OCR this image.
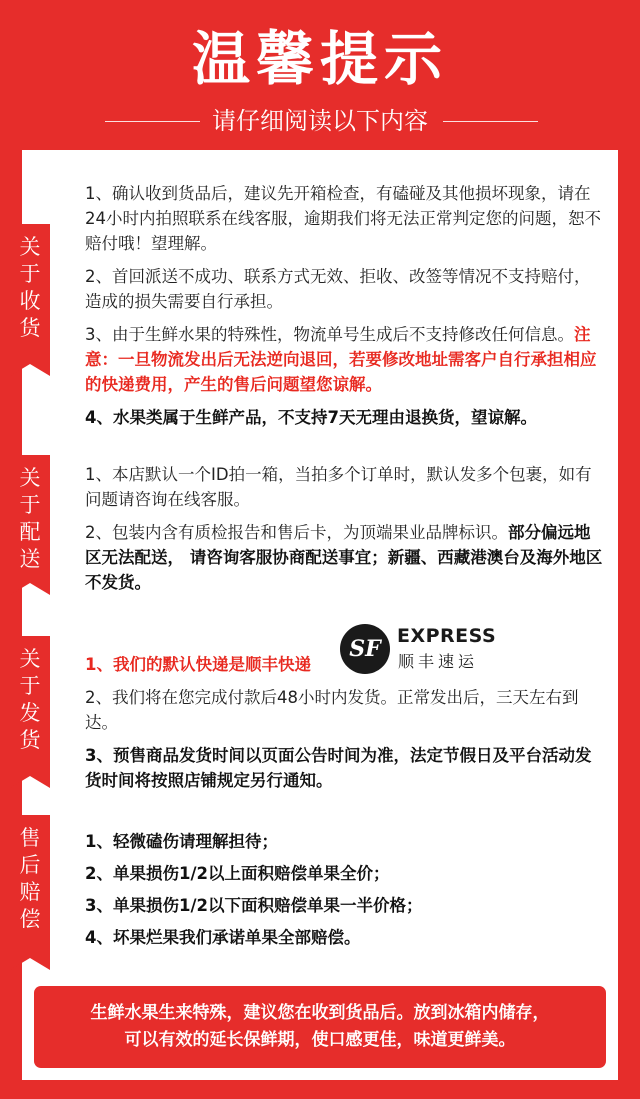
温馨提示
请仔细阅读以下内容
关
于
收
货
关
于
配
送
关
于
发
货
售
后
赔
偿

1、确认收到货品后，建议先开箱检查，有磕碰及其他损坏现象，请在24小时内拍照联系在线客服，逾期我们将无法正常判定您的问题，恕不赔付哦！望理解。

2、首回派送不成功、联系方式无效、拒收、改签等情况不支持赔付，造成的损失需要自行承担。

3、由于生鲜水果的特殊性，物流单号生成后不支持修改任何信息。注意：一旦物流发出后无法逆向退回，若要修改地址需客户自行承担相应的快递费用，产生的售后问题望您谅解。

4、水果类属于生鲜产品，不支持7天无理由退换货，望谅解。

1、本店默认一个ID拍一箱，当拍多个订单时，默认发多个包裹，如有问题请咨询在线客服。

2、包装内含有质检报告和售后卡，为顶端果业品牌标识。部分偏远地区无法配送， 请咨询客服协商配送事宜；新疆、西藏港澳台及海外地区不发货。

SF EXPRESS
顺丰速运

1、我们的默认快递是顺丰快递

2、我们将在您完成付款后48小时内发货。正常发出后，三天左右到达。

3、预售商品发货时间以页面公告时间为准，法定节假日及平台活动发货时间将按照店铺规定另行通知。

1、轻微磕伤请理解担待；

2、单果损伤1/2以上面积赔偿单果全价；

3、单果损伤1/2以下面积赔偿单果一半价格；

4、坏果烂果我们承诺单果全部赔偿。

生鲜水果生来特殊，建议您在收到货品后。放到冰箱内储存，
可以有效的延长保鲜期，使口感更佳，味道更鲜美。
